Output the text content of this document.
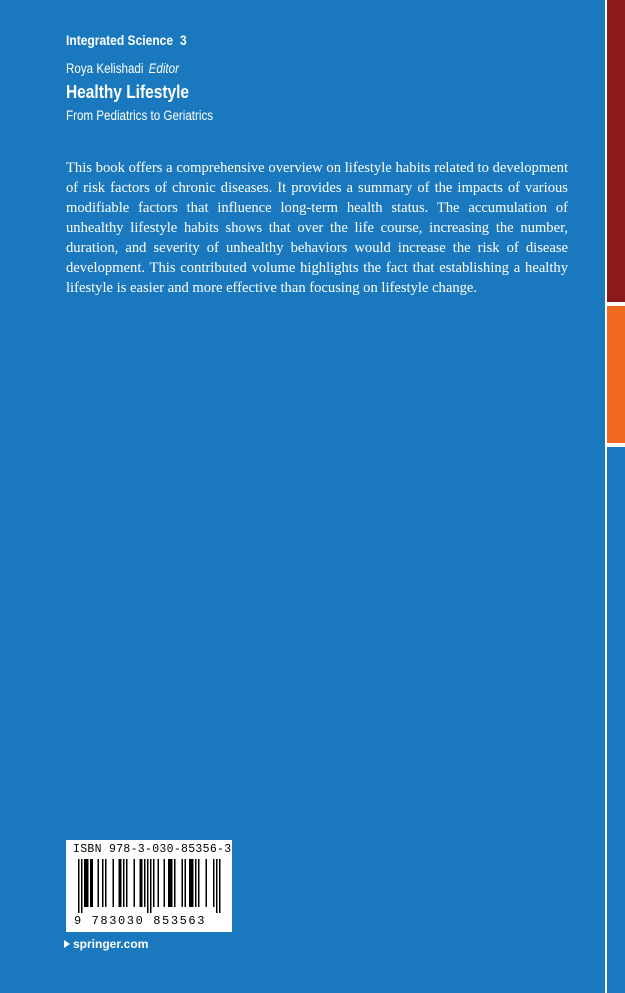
Integrated Science 3
Roya Kelishadi Editor
Healthy Lifestyle
From Pediatrics to Geriatrics

This book offers a comprehensive overview on lifestyle habits related to development of risk factors of chronic diseases. It provides a summary of the impacts of various modifiable factors that influence long-term health status. The accumulation of unhealthy lifestyle habits shows that over the life course, increasing the number, duration, and severity of unhealthy behaviors would increase the risk of disease development. This contributed volume highlights the fact that establishing a healthy lifestyle is easier and more effective than focusing on lifestyle change.

ISBN 978-3-030-85356-3
9 783030 853563
springer.com
